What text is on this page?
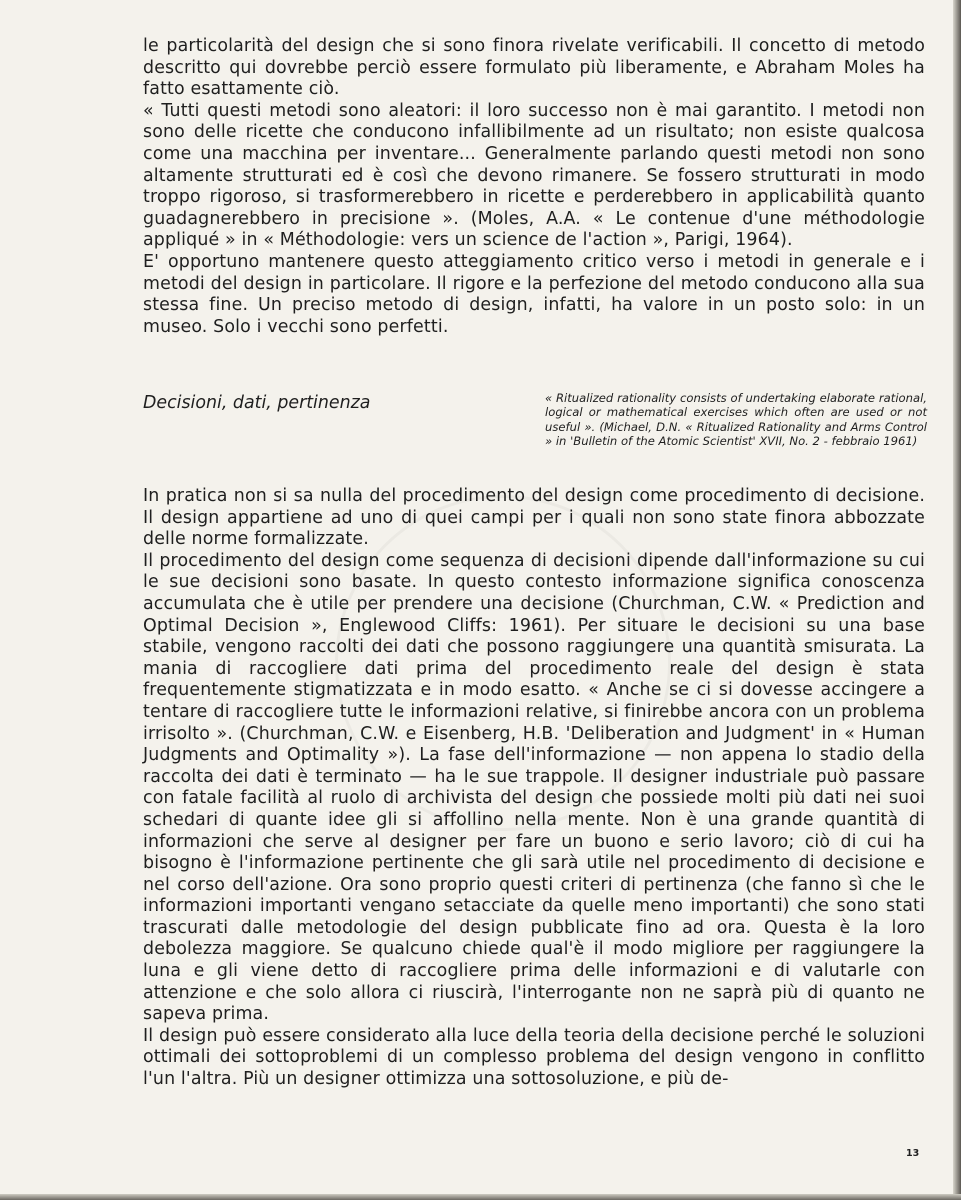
le particolarità del design che si sono finora rivelate verificabili. Il concetto di metodo descritto qui dovrebbe perciò essere formulato più liberamente, e Abraham Moles ha fatto esattamente ciò.

« Tutti questi metodi sono aleatori: il loro successo non è mai garantito. I metodi non sono delle ricette che conducono infallibilmente ad un risultato; non esiste qualcosa come una macchina per inventare... Generalmente parlando questi metodi non sono altamente strutturati ed è così che devono rimanere. Se fossero strutturati in modo troppo rigoroso, si trasformerebbero in ricette e perderebbero in applicabilità quanto guadagnerebbero in precisione ». (Moles, A.A. « Le contenue d'une méthodologie appliqué » in « Méthodologie: vers un science de l'action », Parigi, 1964).

E' opportuno mantenere questo atteggiamento critico verso i metodi in generale e i metodi del design in particolare. Il rigore e la perfezione del metodo conducono alla sua stessa fine. Un preciso metodo di design, infatti, ha valore in un posto solo: in un museo. Solo i vecchi sono perfetti.

Decisioni, dati, pertinenza	« Ritualized rationality consists of undertaking elaborate rational, logical or mathematical exercises which often are used or not useful ». (Michael, D.N. « Ritualized Rationality and Arms Control » in 'Bulletin of the Atomic Scientist' XVII, No. 2 - febbraio 1961)

In pratica non si sa nulla del procedimento del design come procedimento di decisione. Il design appartiene ad uno di quei campi per i quali non sono state finora abbozzate delle norme formalizzate.

Il procedimento del design come sequenza di decisioni dipende dall'informazione su cui le sue decisioni sono basate. In questo contesto informazione significa conoscenza accumulata che è utile per prendere una decisione (Churchman, C.W. « Prediction and Optimal Decision », Englewood Cliffs: 1961). Per situare le decisioni su una base stabile, vengono raccolti dei dati che possono raggiungere una quantità smisurata. La mania di raccogliere dati prima del procedimento reale del design è stata frequentemente stigmatizzata e in modo esatto. « Anche se ci si dovesse accingere a tentare di raccogliere tutte le informazioni relative, si finirebbe ancora con un problema irrisolto ». (Churchman, C.W. e Eisenberg, H.B. 'Deliberation and Judgment' in « Human Judgments and Optimality »). La fase dell'informazione — non appena lo stadio della raccolta dei dati è terminato — ha le sue trappole. Il designer industriale può passare con fatale facilità al ruolo di archivista del design che possiede molti più dati nei suoi schedari di quante idee gli si affollino nella mente. Non è una grande quantità di informazioni che serve al designer per fare un buono e serio lavoro; ciò di cui ha bisogno è l'informazione pertinente che gli sarà utile nel procedimento di decisione e nel corso dell'azione. Ora sono proprio questi criteri di pertinenza (che fanno sì che le informazioni importanti vengano setacciate da quelle meno importanti) che sono stati trascurati dalle metodologie del design pubblicate fino ad ora. Questa è la loro debolezza maggiore. Se qualcuno chiede qual'è il modo migliore per raggiungere la luna e gli viene detto di raccogliere prima delle informazioni e di valutarle con attenzione e che solo allora ci riuscirà, l'interrogante non ne saprà più di quanto ne sapeva prima.

Il design può essere considerato alla luce della teoria della decisione perché le soluzioni ottimali dei sottoproblemi di un complesso problema del design vengono in conflitto l'un l'altra. Più un designer ottimizza una sottosoluzione, e più de-

13
